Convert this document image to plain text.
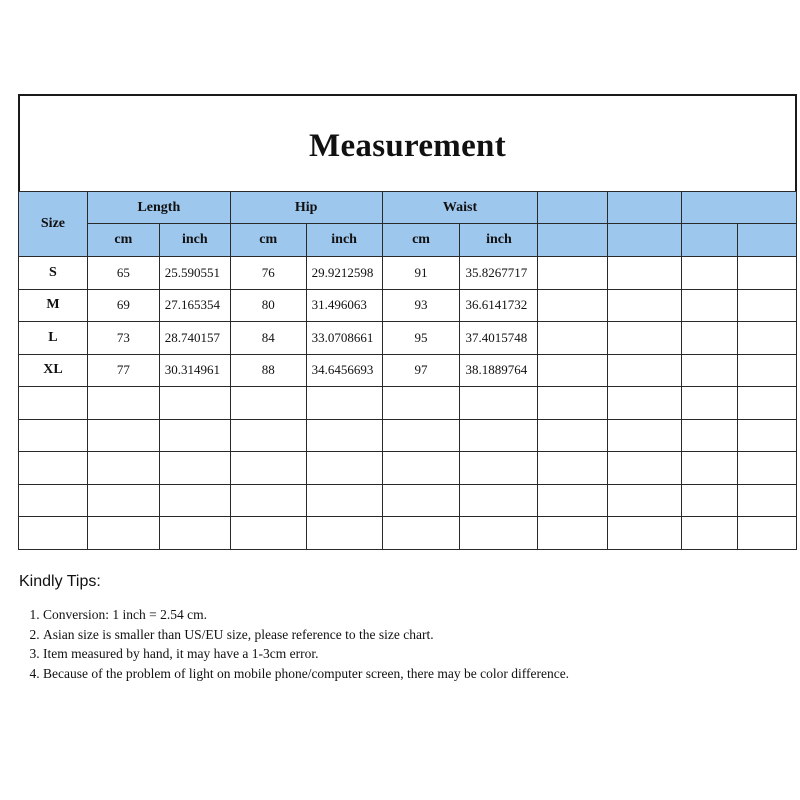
Measurement
Size	Length		Hip		Waist					
	cm	inch	cm	inch	cm	inch				
S	65	25.590551	76	29.9212598	91	35.8267717				
M	69	27.165354	80	31.496063	93	36.6141732				
L	73	28.740157	84	33.0708661	95	37.4015748				
XL	77	30.314961	88	34.6456693	97	38.1889764				

Kindly Tips:
1. Conversion: 1 inch = 2.54 cm.
2. Asian size is smaller than US/EU size, please reference to the size chart.
3. Item measured by hand, it may have a 1-3cm error.
4. Because of the problem of light on mobile phone/computer screen, there may be color difference.
